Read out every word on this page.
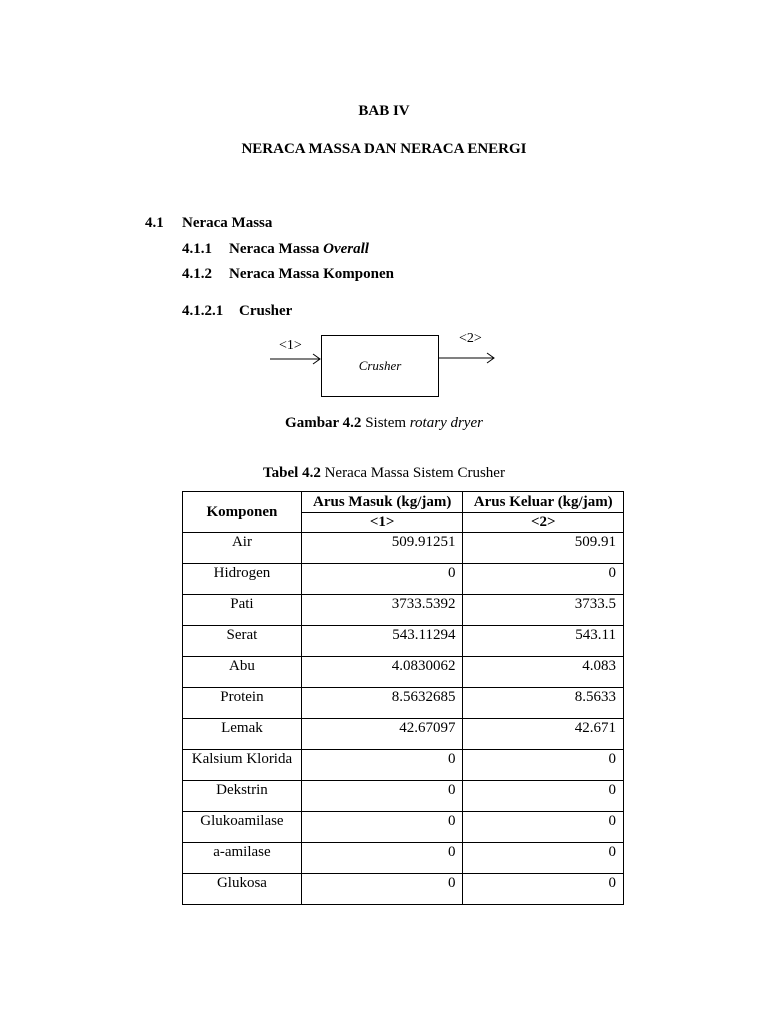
BAB IV
NERACA MASSA DAN NERACA ENERGI
4.1 Neraca Massa
4.1.1 Neraca Massa Overall
4.1.2 Neraca Massa Komponen
4.1.2.1 Crusher
<1>	<2>
Crusher
Gambar 4.2 Sistem rotary dryer
Tabel 4.2 Neraca Massa Sistem Crusher
Komponen	Arus Masuk (kg/jam)	Arus Keluar (kg/jam)
	<1>	<2>
Air	509.91251	509.91
Hidrogen	0	0
Pati	3733.5392	3733.5
Serat	543.11294	543.11
Abu	4.0830062	4.083
Protein	8.5632685	8.5633
Lemak	42.67097	42.671
Kalsium Klorida	0	0
Dekstrin	0	0
Glukoamilase	0	0
a-amilase	0	0
Glukosa	0	0
